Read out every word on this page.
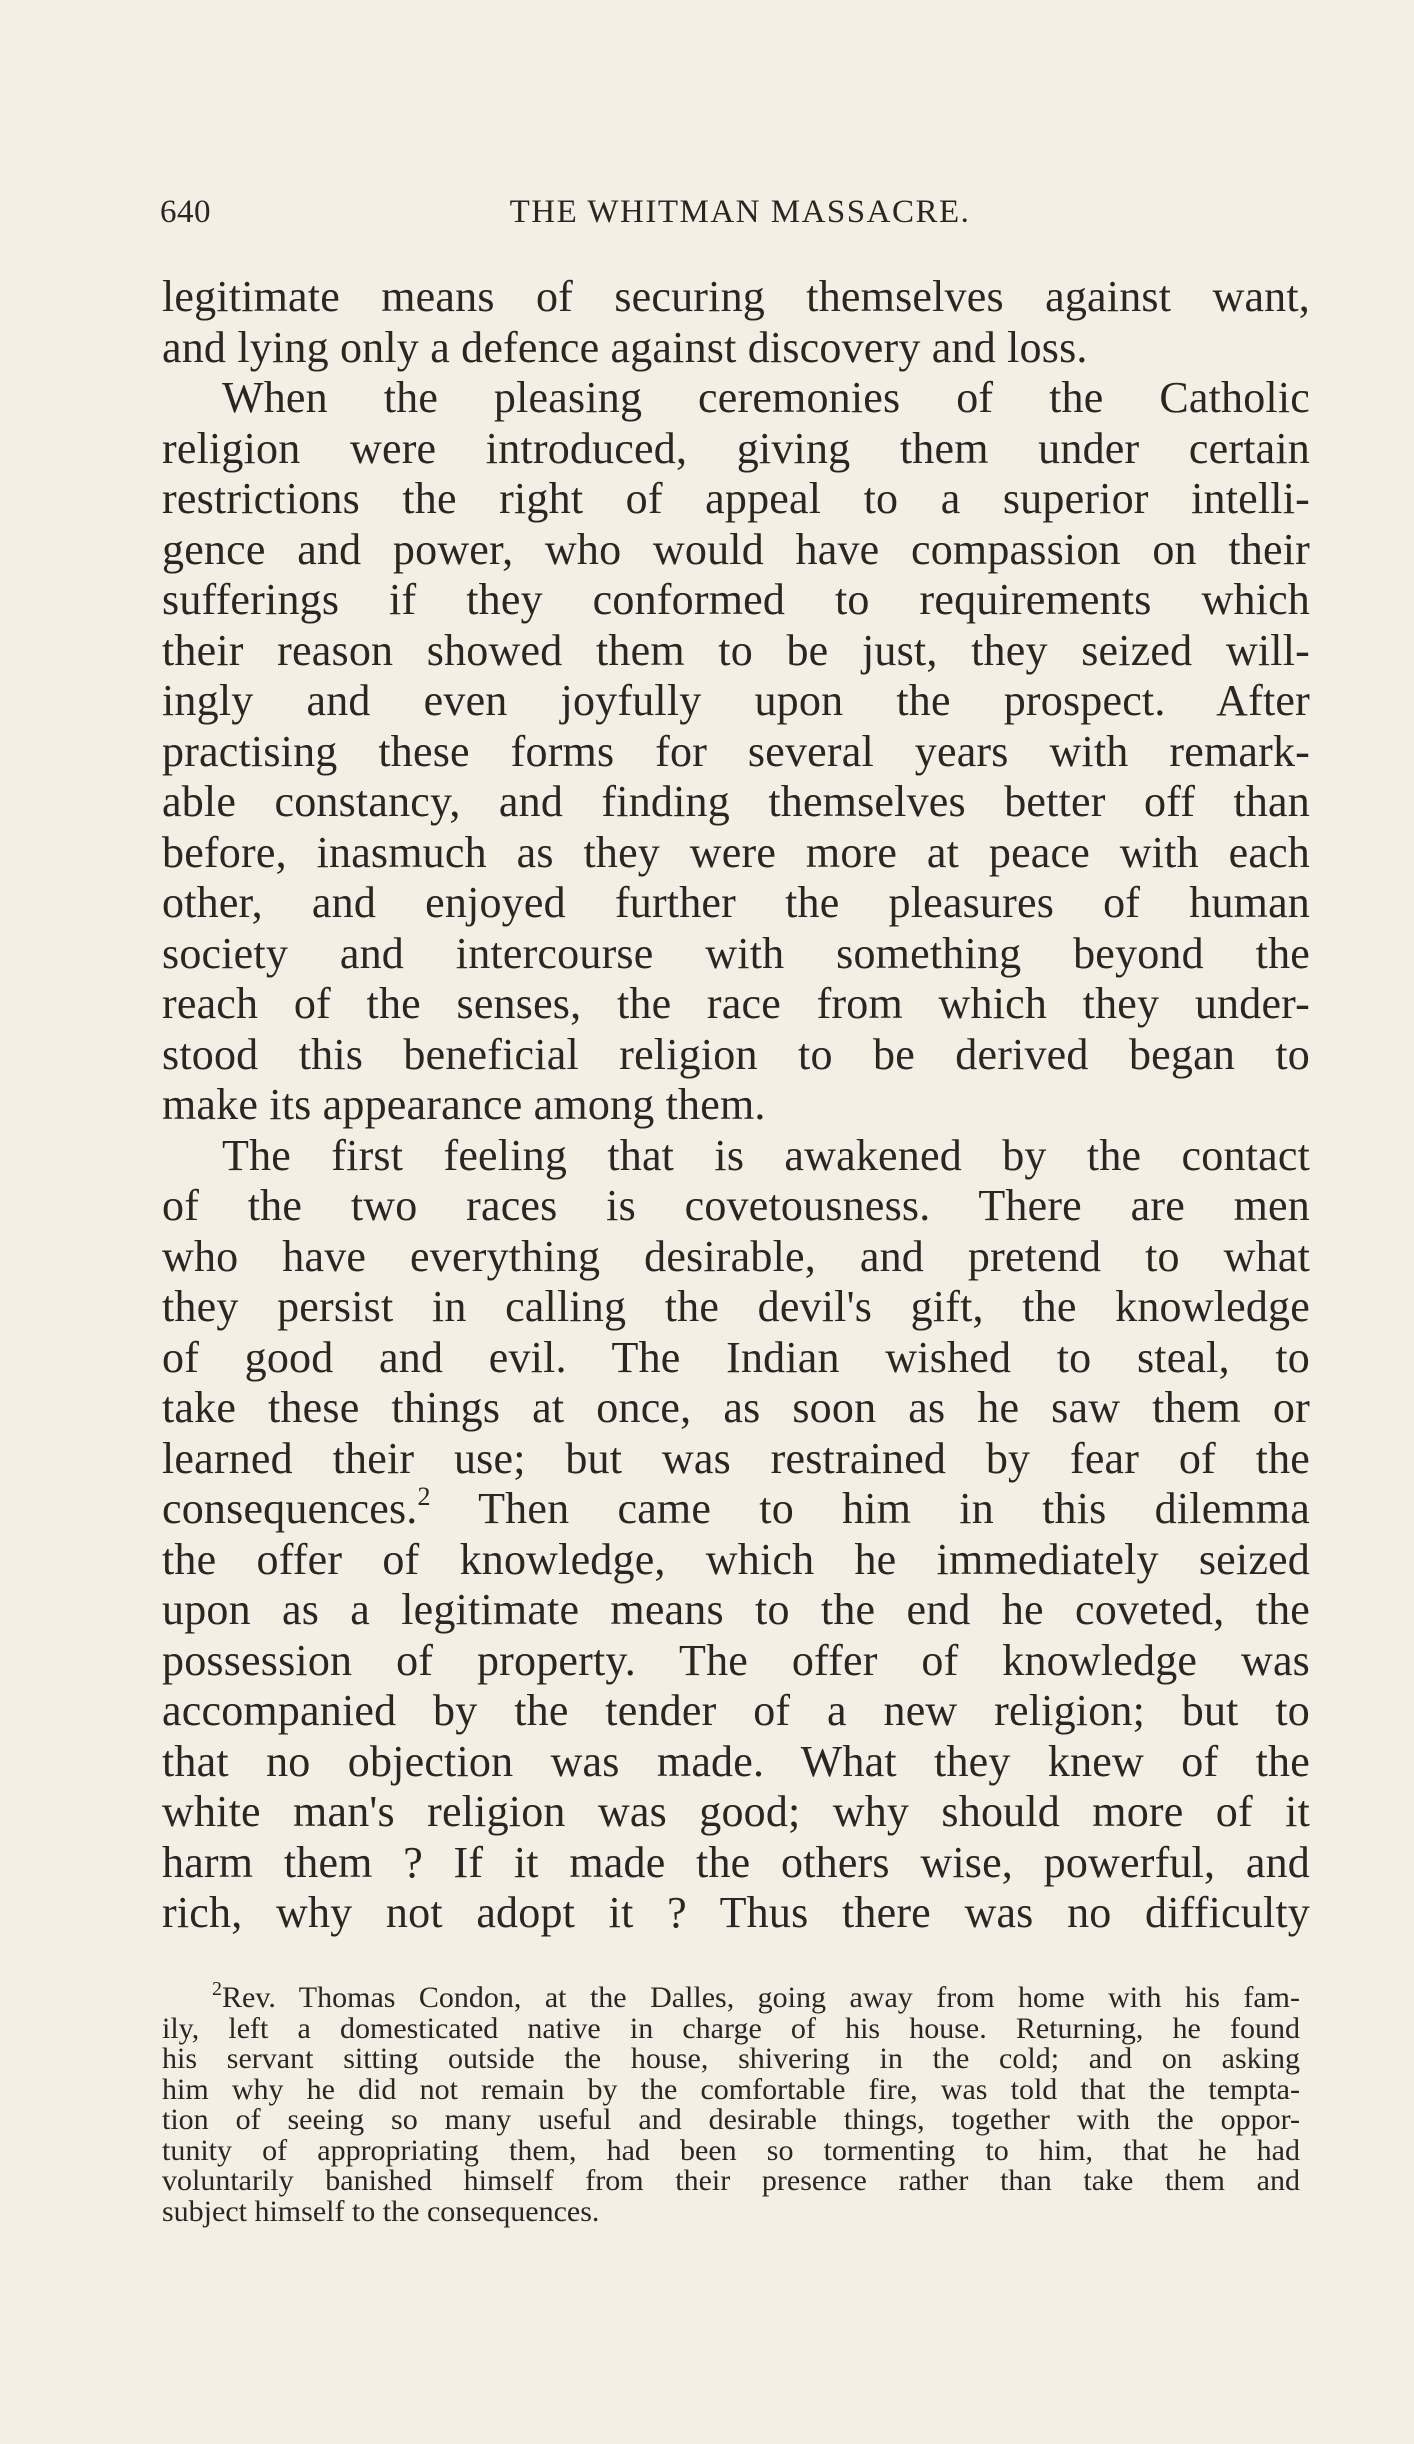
640	THE WHITMAN MASSACRE.
legitimate means of securing themselves against want,
and lying only a defence against discovery and loss.
When the pleasing ceremonies of the Catholic
religion were introduced, giving them under certain
restrictions the right of appeal to a superior intelli-
gence and power, who would have compassion on their
sufferings if they conformed to requirements which
their reason showed them to be just, they seized will-
ingly and even joyfully upon the prospect. After
practising these forms for several years with remark-
able constancy, and finding themselves better off than
before, inasmuch as they were more at peace with each
other, and enjoyed further the pleasures of human
society and intercourse with something beyond the
reach of the senses, the race from which they under-
stood this beneficial religion to be derived began to
make its appearance among them.
The first feeling that is awakened by the contact
of the two races is covetousness. There are men
who have everything desirable, and pretend to what
they persist in calling the devil's gift, the knowledge
of good and evil. The Indian wished to steal, to
take these things at once, as soon as he saw them or
learned their use; but was restrained by fear of the
consequences.$^2$ Then came to him in this dilemma
the offer of knowledge, which he immediately seized
upon as a legitimate means to the end he coveted, the
possession of property. The offer of knowledge was
accompanied by the tender of a new religion; but to
that no objection was made. What they knew of the
white man's religion was good; why should more of it
harm them ? If it made the others wise, powerful, and
rich, why not adopt it ? Thus there was no difficulty
$^2$Rev. Thomas Condon, at the Dalles, going away from home with his fam-
ily, left a domesticated native in charge of his house. Returning, he found
his servant sitting outside the house, shivering in the cold; and on asking
him why he did not remain by the comfortable fire, was told that the tempta-
tion of seeing so many useful and desirable things, together with the oppor-
tunity of appropriating them, had been so tormenting to him, that he had
voluntarily banished himself from their presence rather than take them and
subject himself to the consequences.
